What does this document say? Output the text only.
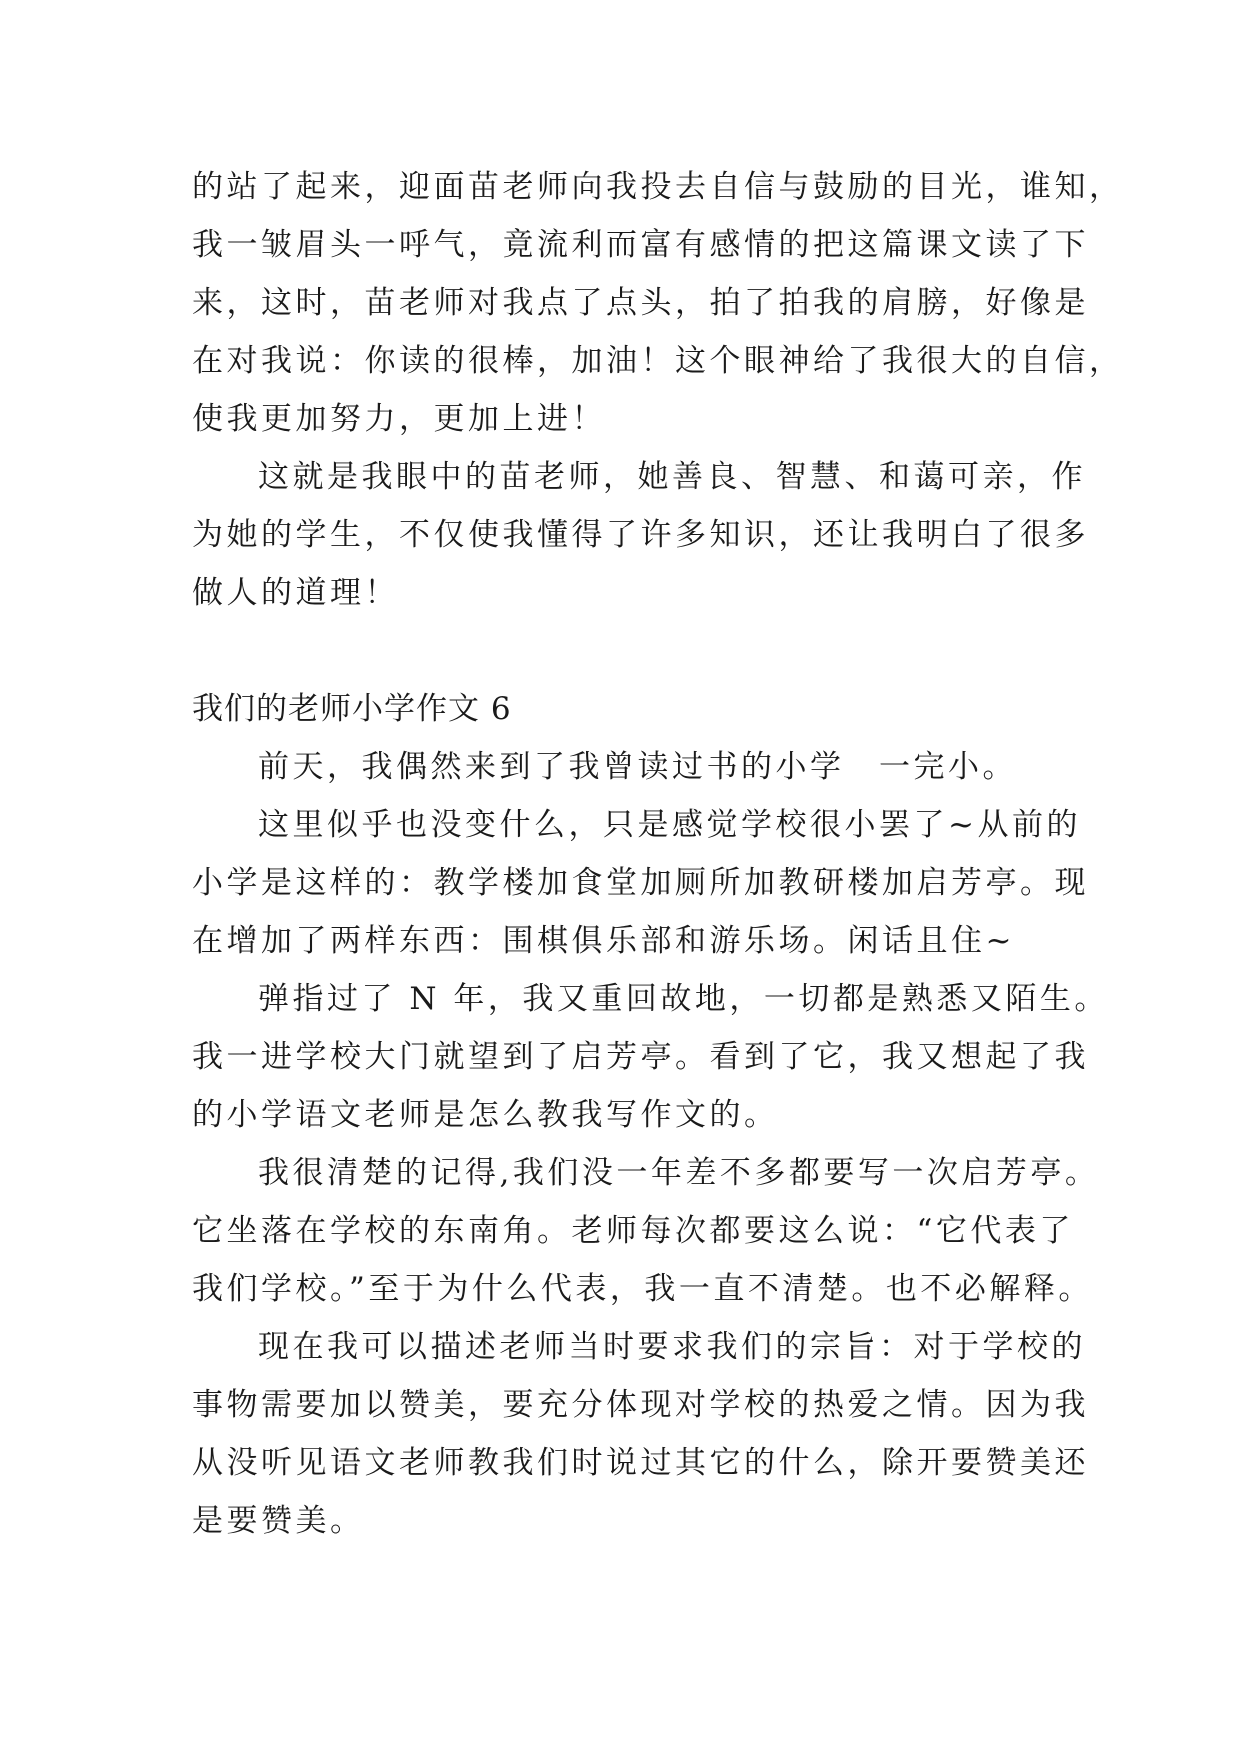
的站了起来，迎面苗老师向我投去自信与鼓励的目光，谁知，
我一皱眉头一呼气，竟流利而富有感情的把这篇课文读了下
来，这时，苗老师对我点了点头，拍了拍我的肩膀，好像是
在对我说：你读的很棒，加油！这个眼神给了我很大的自信，
使我更加努力，更加上进！
这就是我眼中的苗老师，她善良、智慧、和蔼可亲，作
为她的学生，不仅使我懂得了许多知识，还让我明白了很多
做人的道理！
我们的老师小学作文 6
前天，我偶然来到了我曾读过书的小学　一完小。
这里似乎也没变什么，只是感觉学校很小罢了~从前的
小学是这样的：教学楼加食堂加厕所加教研楼加启芳亭。现
在增加了两样东西：围棋俱乐部和游乐场。闲话且住~
弹指过了 N 年，我又重回故地，一切都是熟悉又陌生。
我一进学校大门就望到了启芳亭。看到了它，我又想起了我
的小学语文老师是怎么教我写作文的。
我很清楚的记得,我们没一年差不多都要写一次启芳亭。
它坐落在学校的东南角。老师每次都要这么说：“它代表了
我们学校。”至于为什么代表，我一直不清楚。也不必解释。
现在我可以描述老师当时要求我们的宗旨：对于学校的
事物需要加以赞美，要充分体现对学校的热爱之情。因为我
从没听见语文老师教我们时说过其它的什么，除开要赞美还
是要赞美。
